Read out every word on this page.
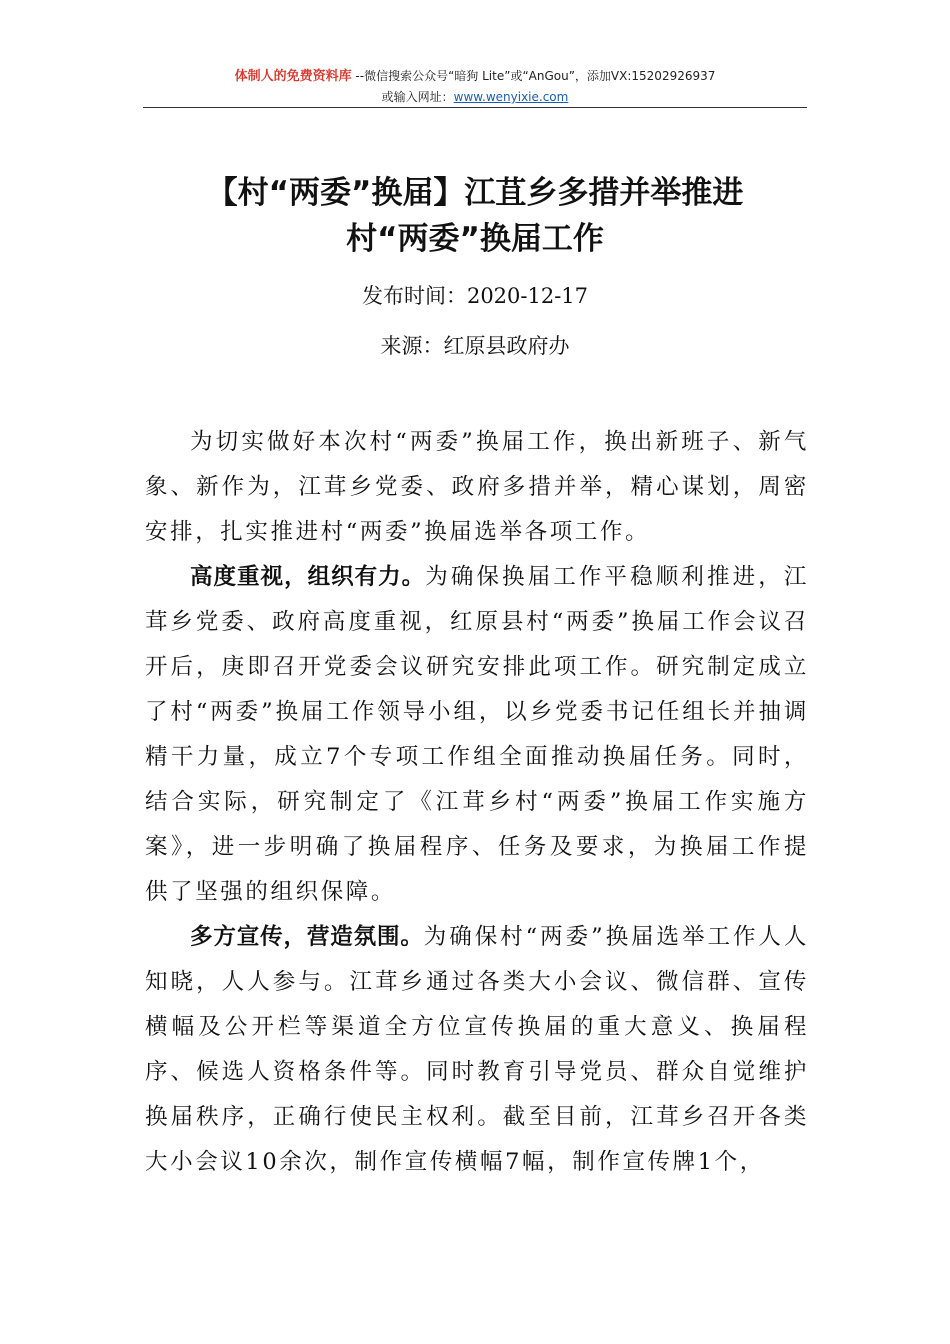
体制人的免费资料库 --微信搜索公众号“暗狗 Lite”或“AnGou”，添加VX:15202926937
或输入网址：www.wenyixie.com
【村“两委”换届】江苴乡多措并举推进
村“两委”换届工作
发布时间：2020-12-17
来源：红原县政府办

为切实做好本次村“两委”换届工作，换出新班子、新气象、新作为，江茸乡党委、政府多措并举，精心谋划，周密安排，扎实推进村“两委”换届选举各项工作。

高度重视，组织有力。为确保换届工作平稳顺利推进，江茸乡党委、政府高度重视，红原县村“两委”换届工作会议召开后，庚即召开党委会议研究安排此项工作。研究制定成立了村“两委”换届工作领导小组，以乡党委书记任组长并抽调精干力量，成立7个专项工作组全面推动换届任务。同时，结合实际，研究制定了《江茸乡村“两委”换届工作实施方案》，进一步明确了换届程序、任务及要求，为换届工作提供了坚强的组织保障。

多方宣传，营造氛围。为确保村“两委”换届选举工作人人知晓，人人参与。江茸乡通过各类大小会议、微信群、宣传横幅及公开栏等渠道全方位宣传换届的重大意义、换届程序、候选人资格条件等。同时教育引导党员、群众自觉维护换届秩序，正确行使民主权利。截至目前，江茸乡召开各类大小会议10余次，制作宣传横幅7幅，制作宣传牌1个，
